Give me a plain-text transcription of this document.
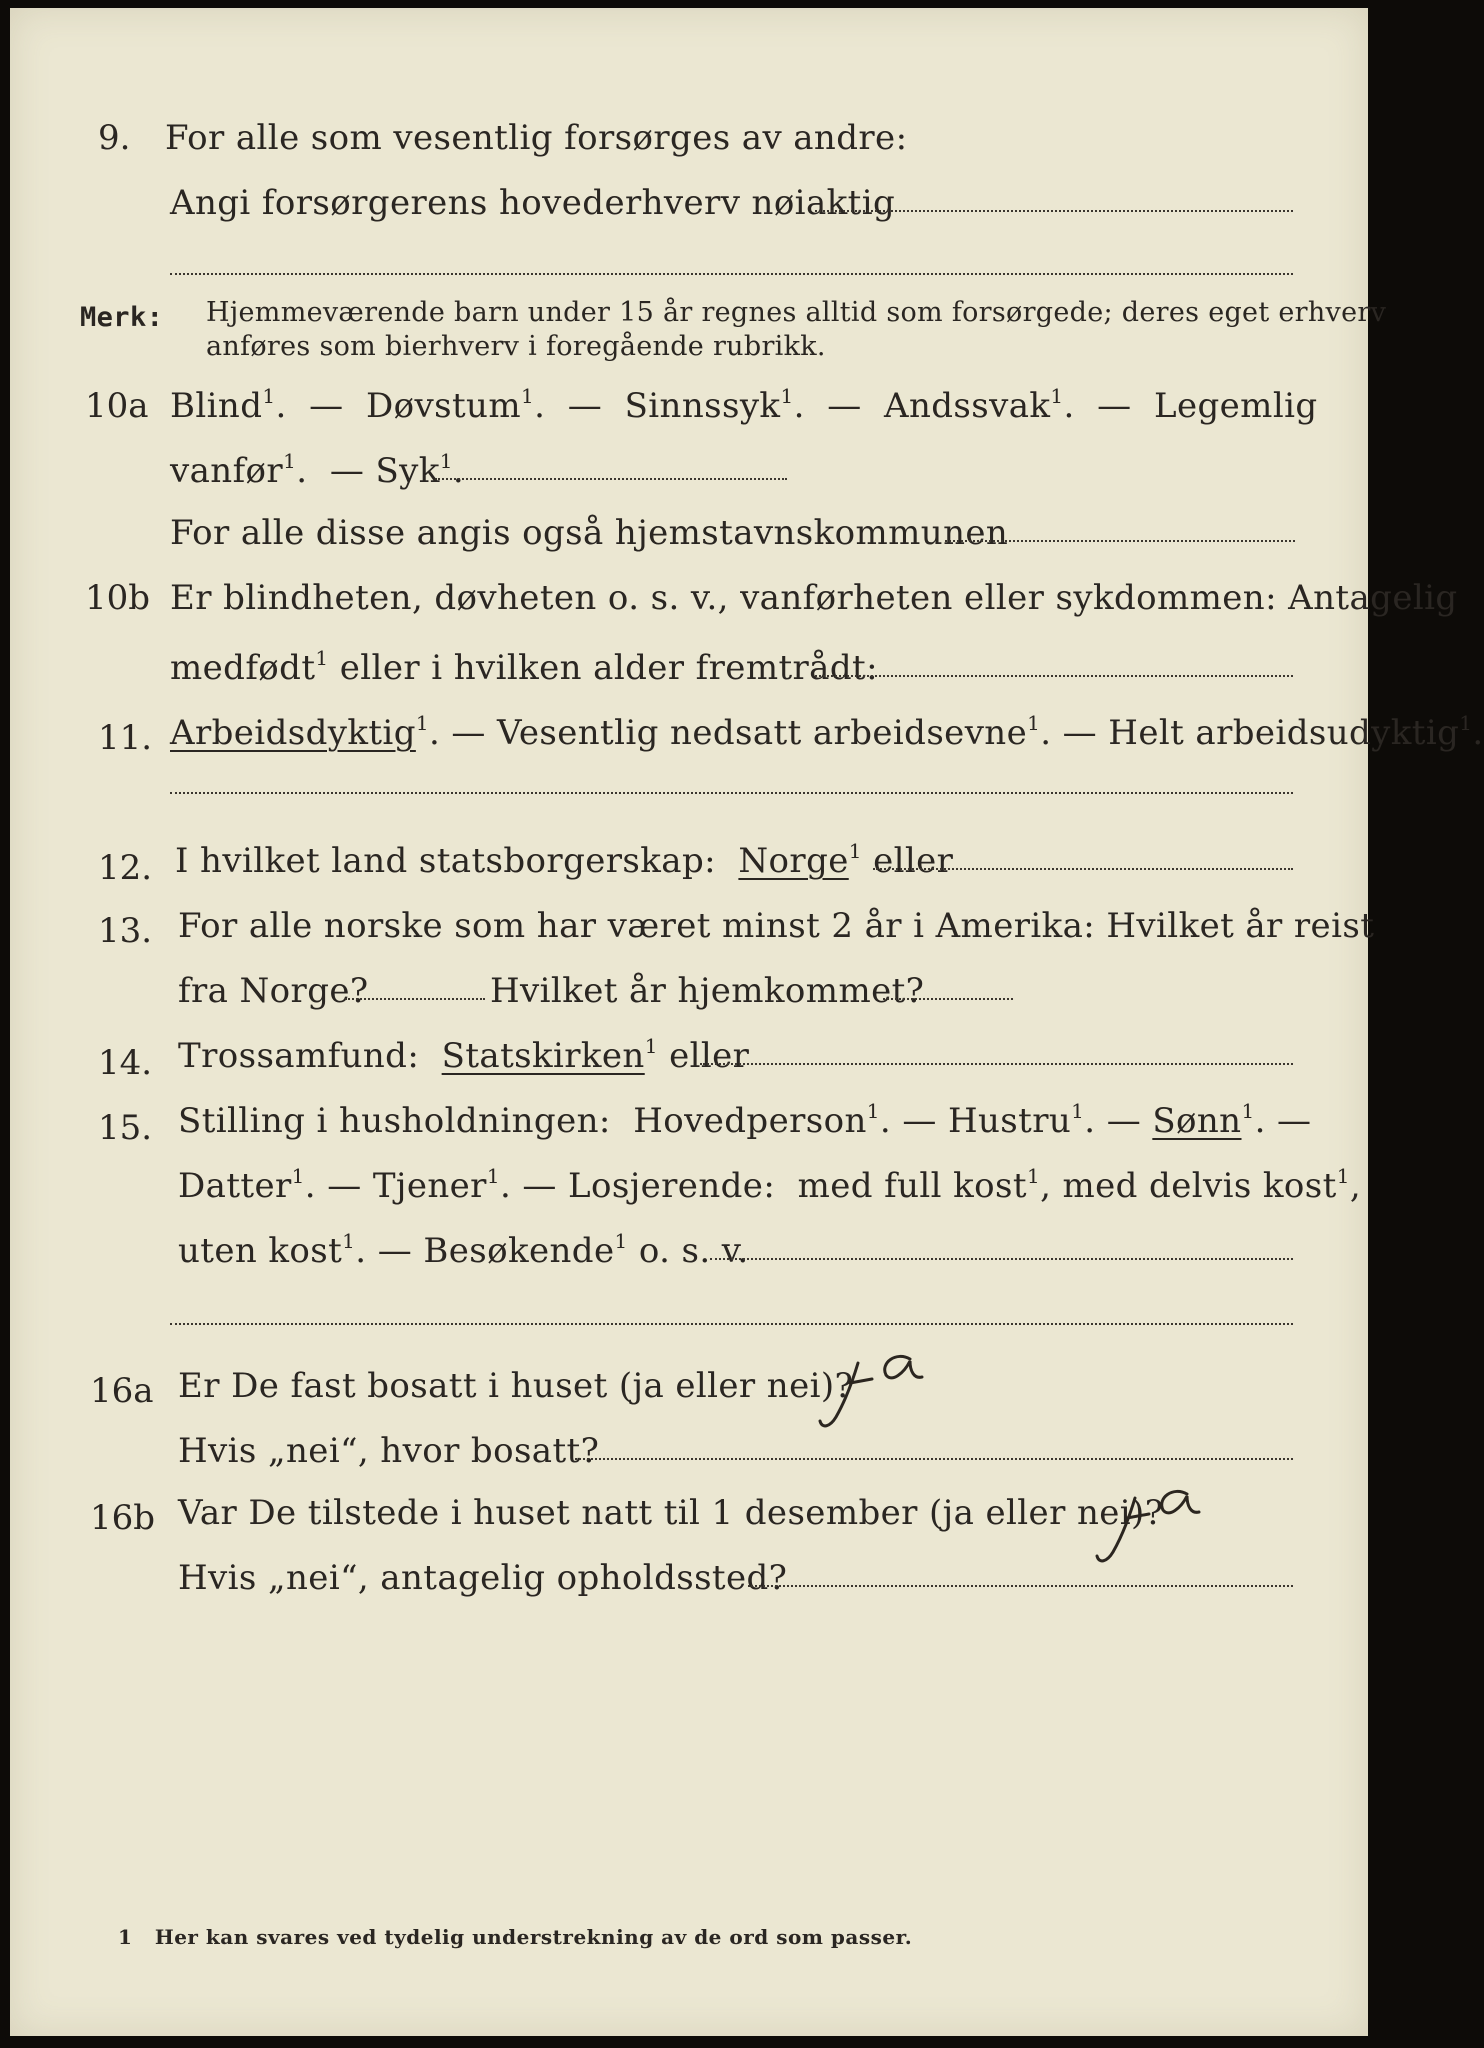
9. For alle som vesentlig forsørges av andre:
Angi forsørgerens hovederhverv nøiaktig
Merk: Hjemmeværende barn under 15 år regnes alltid som forsørgede; deres eget erhverv
anføres som bierhverv i foregående rubrikk.
10a Blind$^1$.  — Døvstum$^1$.  — Sinnssyk$^1$.  — Andssvak$^1$.  — Legemlig
vanfør$^1$.  — Syk$^1$.
For alle disse angis også hjemstavnskommunen
10b Er blindheten, døvheten o. s. v., vanførheten eller sykdommen: Antagelig
medfødt$^1$ eller i hvilken alder fremtrådt:
11. Arbeidsdyktig$^1$. — Vesentlig nedsatt arbeidsevne$^1$. — Helt arbeidsudyktig$^1$.
12. I hvilket land statsborgerskap: Norge$^1$ eller
13. For alle norske som har været minst 2 år i Amerika: Hvilket år reist
fra Norge?	Hvilket år hjemkommet?
14. Trossamfund: Statskirken$^1$ eller
15. Stilling i husholdningen: Hovedperson$^1$. — Hustru$^1$. — Sønn$^1$. —
Datter$^1$. — Tjener$^1$. — Losjerende: med full kost$^1$, med delvis kost$^1$,
uten kost$^1$. — Besøkende$^1$ o. s. v.
16a Er De fast bosatt i huset (ja eller nei)?
Hvis „nei“, hvor bosatt?
16b Var De tilstede i huset natt til 1 desember (ja eller nei)?
Hvis „nei“, antagelig opholdssted?
1 Her kan svares ved tydelig understrekning av de ord som passer.
